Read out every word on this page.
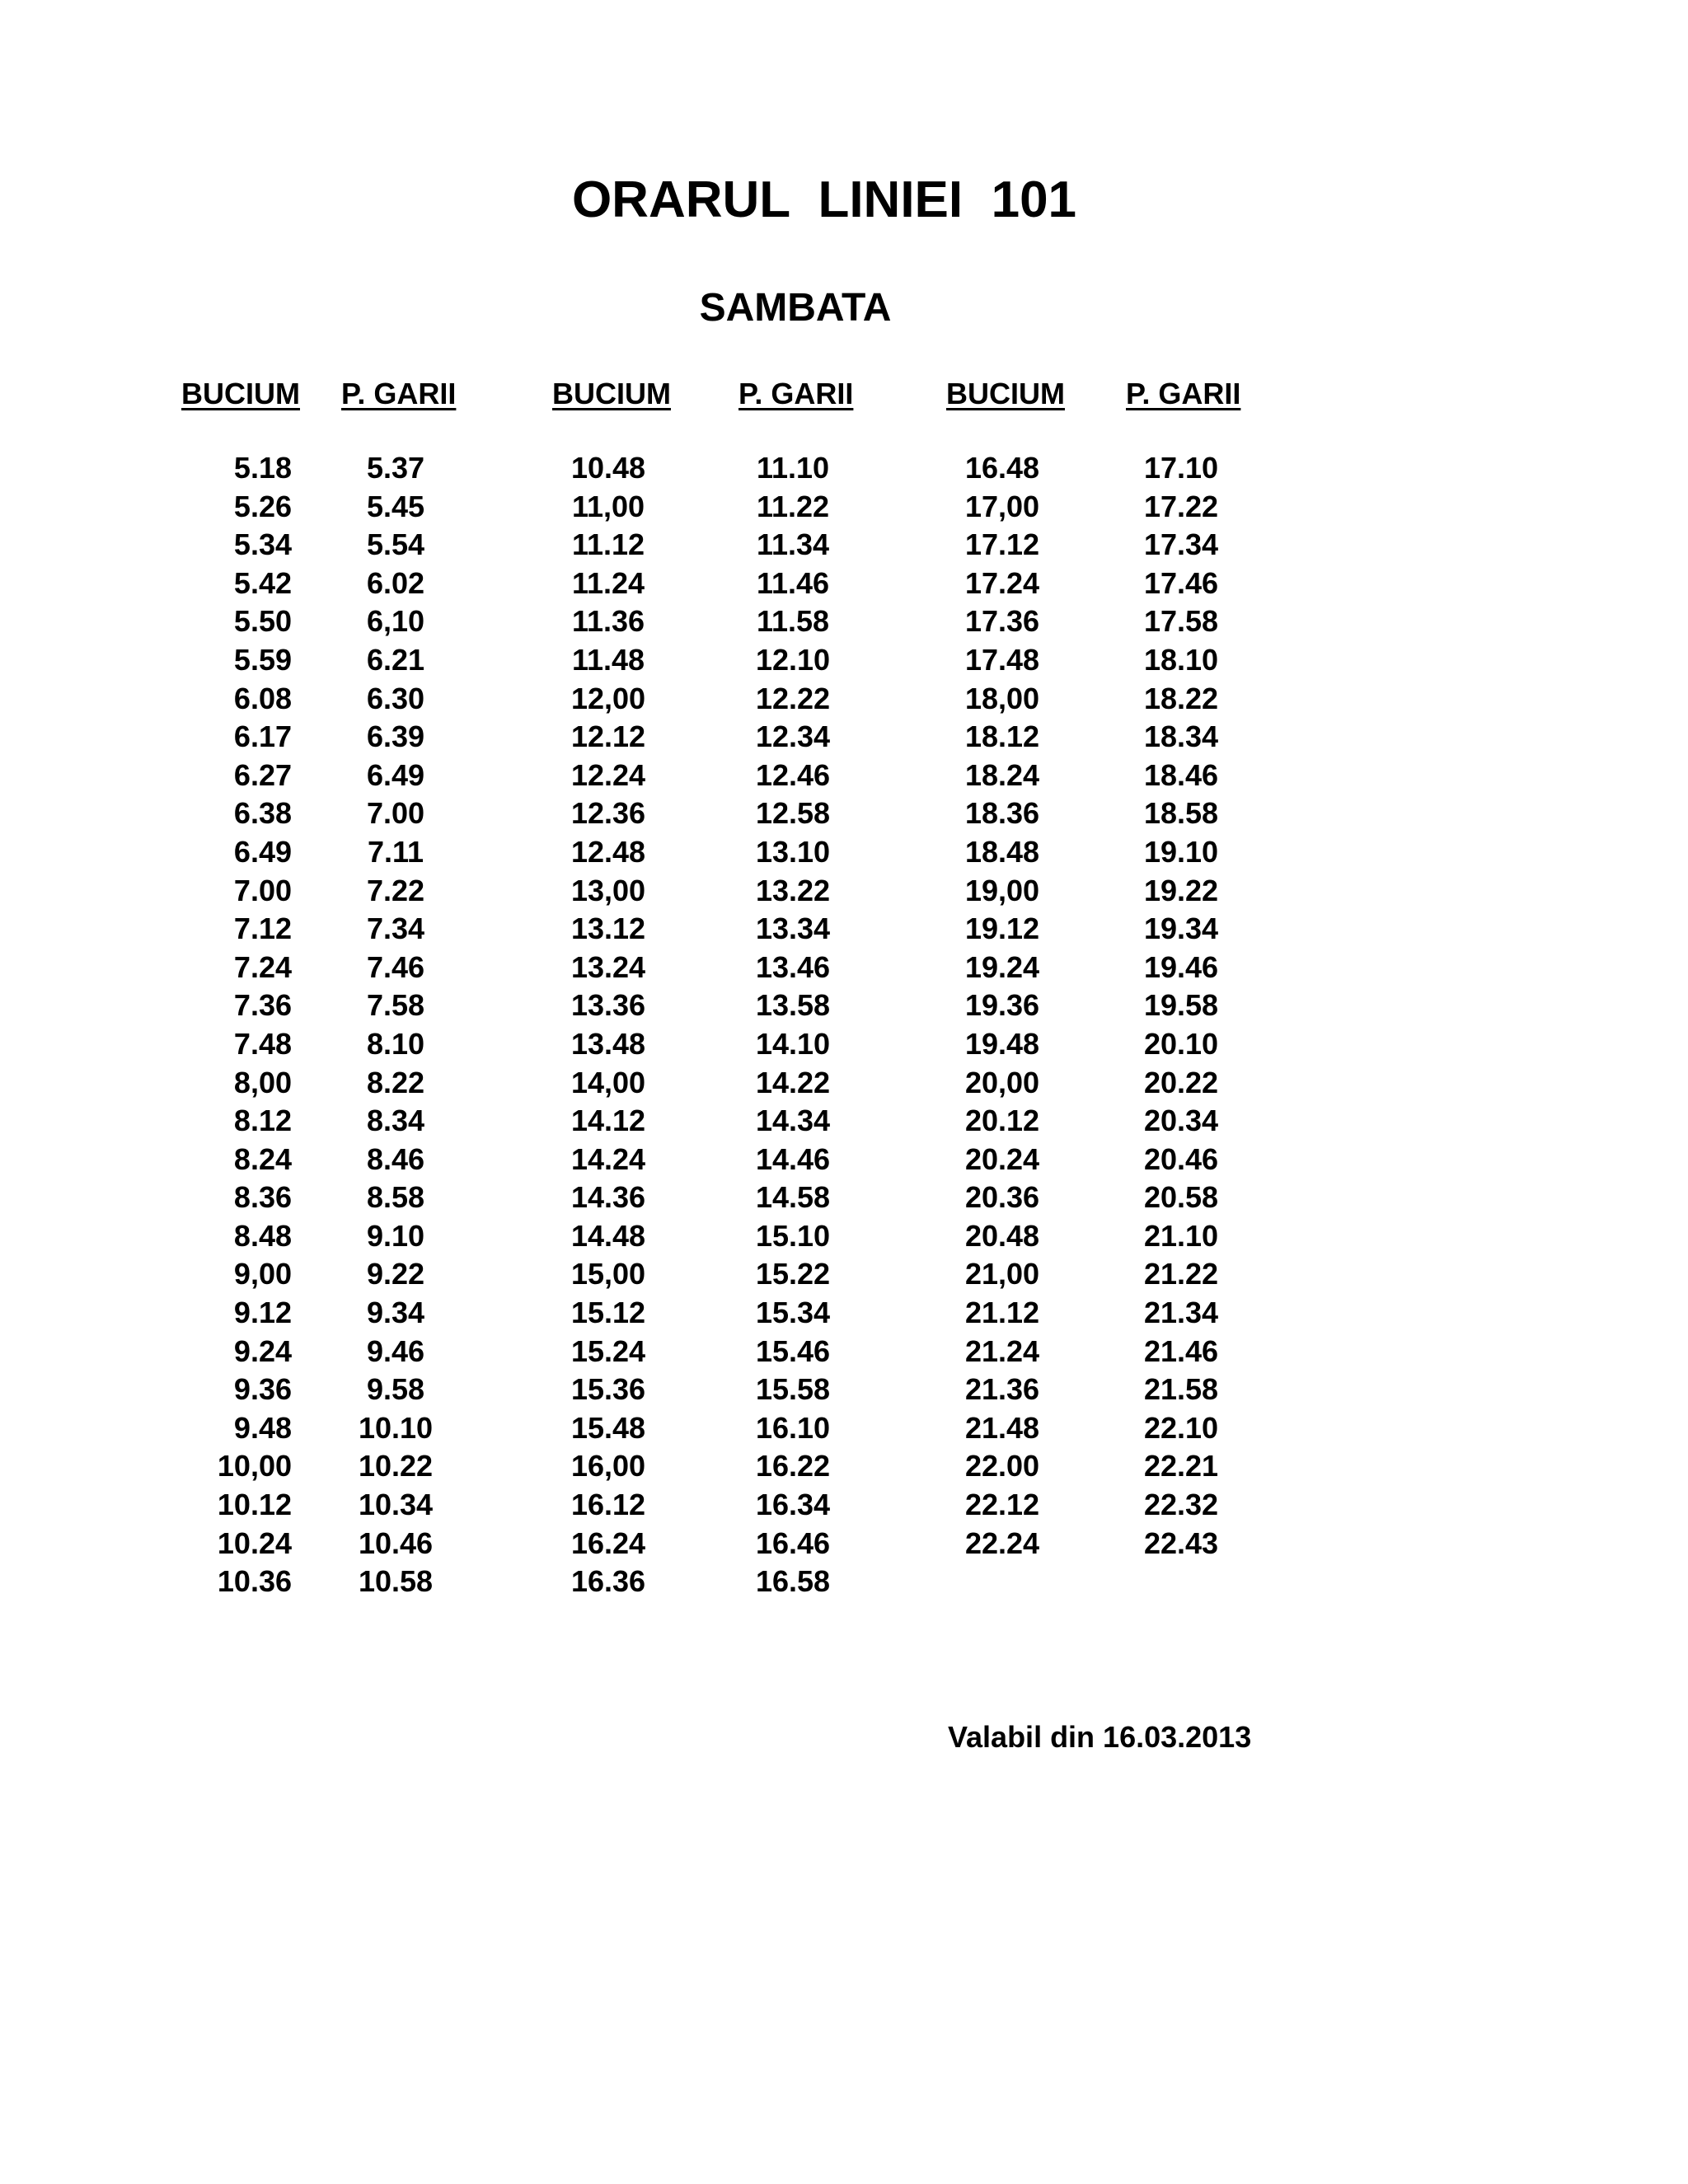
ORARUL  LINIEI  101
SAMBATA
BUCIUM P. GARII	BUCIUM P. GARII	BUCIUM P. GARII
5.18
5.26
5.34
5.42
5.50
5.59
6.08
6.17
6.27
6.38
6.49
7.00
7.12
7.24
7.36
7.48
8,00
8.12
8.24
8.36
8.48
9,00
9.12
9.24
9.36
9.48
10,00
10.12
10.24
10.36
5.37
5.45
5.54
6.02
6,10
6.21
6.30
6.39
6.49
7.00
7.11
7.22
7.34
7.46
7.58
8.10
8.22
8.34
8.46
8.58
9.10
9.22
9.34
9.46
9.58
10.10
10.22
10.34
10.46
10.58
10.48
11,00
11.12
11.24
11.36
11.48
12,00
12.12
12.24
12.36
12.48
13,00
13.12
13.24
13.36
13.48
14,00
14.12
14.24
14.36
14.48
15,00
15.12
15.24
15.36
15.48
16,00
16.12
16.24
16.36
11.10
11.22
11.34
11.46
11.58
12.10
12.22
12.34
12.46
12.58
13.10
13.22
13.34
13.46
13.58
14.10
14.22
14.34
14.46
14.58
15.10
15.22
15.34
15.46
15.58
16.10
16.22
16.34
16.46
16.58
16.48
17,00
17.12
17.24
17.36
17.48
18,00
18.12
18.24
18.36
18.48
19,00
19.12
19.24
19.36
19.48
20,00
20.12
20.24
20.36
20.48
21,00
21.12
21.24
21.36
21.48
22.00
22.12
22.24
17.10
17.22
17.34
17.46
17.58
18.10
18.22
18.34
18.46
18.58
19.10
19.22
19.34
19.46
19.58
20.10
20.22
20.34
20.46
20.58
21.10
21.22
21.34
21.46
21.58
22.10
22.21
22.32
22.43
Valabil din 16.03.2013
